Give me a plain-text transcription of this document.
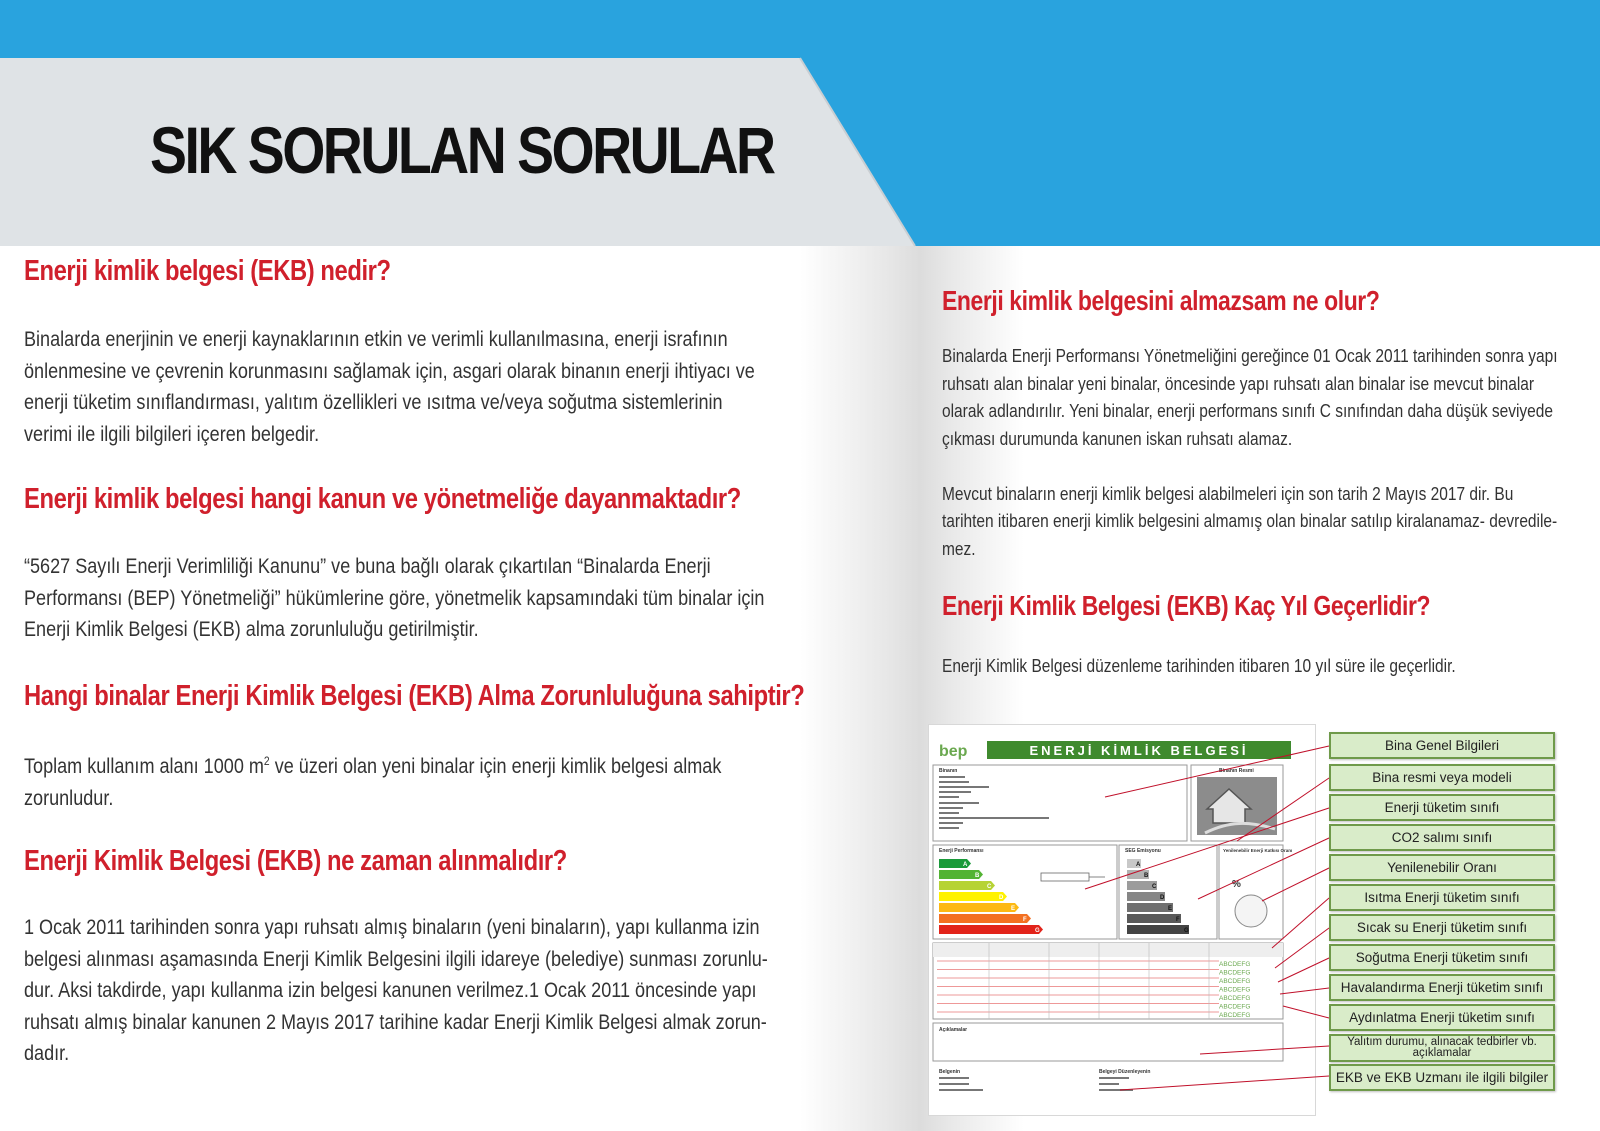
SIK SORULAN SORULAR
Enerji kimlik belgesi (EKB) nedir?
Binalarda enerjinin ve enerji kaynaklarının etkin ve verimli kullanılmasına, enerji israfının
önlenmesine ve çevrenin korunmasını sağlamak için, asgari olarak binanın enerji ihtiyacı ve
enerji tüketim sınıflandırması, yalıtım özellikleri ve ısıtma ve/veya soğutma sistemlerinin
verimi ile ilgili bilgileri içeren belgedir.
Enerji kimlik belgesi hangi kanun ve yönetmeliğe dayanmaktadır?
“5627 Sayılı Enerji Verimliliği Kanunu” ve buna bağlı olarak çıkartılan “Binalarda Enerji
Performansı (BEP) Yönetmeliği” hükümlerine göre, yönetmelik kapsamındaki tüm binalar için
Enerji Kimlik Belgesi (EKB) alma zorunluluğu getirilmiştir.
Hangi binalar Enerji Kimlik Belgesi (EKB) Alma Zorunluluğuna sahiptir?
Toplam kullanım alanı 1000 $m^2$ ve üzeri olan yeni binalar için enerji kimlik belgesi almak
zorunludur.
Enerji Kimlik Belgesi (EKB) ne zaman alınmalıdır?
1 Ocak 2011 tarihinden sonra yapı ruhsatı almış binaların (yeni binaların), yapı kullanma izin
belgesi alınması aşamasında Enerji Kimlik Belgesini ilgili idareye (belediye) sunması zorunlu-
dur. Aksi takdirde, yapı kullanma izin belgesi kanunen verilmez.1 Ocak 2011 öncesinde yapı
ruhsatı almış binalar kanunen 2 Mayıs 2017 tarihine kadar Enerji Kimlik Belgesi almak zorun-
dadır.
Enerji kimlik belgesini almazsam ne olur?
Binalarda Enerji Performansı Yönetmeliğini gereğince 01 Ocak 2011 tarihinden sonra yapı
ruhsatı alan binalar yeni binalar, öncesinde yapı ruhsatı alan binalar ise mevcut binalar
olarak adlandırılır. Yeni binalar, enerji performans sınıfı C sınıfından daha düşük seviyede
çıkması durumunda kanunen iskan ruhsatı alamaz.
Mevcut binaların enerji kimlik belgesi alabilmeleri için son tarih 2 Mayıs 2017 dir. Bu
tarihten itibaren enerji kimlik belgesini almamış olan binalar satılıp kiralanamaz- devredile-
mez.
Enerji Kimlik Belgesi (EKB) Kaç Yıl Geçerlidir?
Enerji Kimlik Belgesi düzenleme tarihinden itibaren 10 yıl süre ile geçerlidir.
bep	ENERJİ KİMLİK BELGESİ
Binanın	Binanın Resmi
Enerji Performansı
A
B
C
D
E
F
G
SEG Emisyonu
A
B
C
D
E
F
G
Yenilenebilir Enerji Katkısı Oranı
%
ABCDEFG
ABCDEFG
ABCDEFG
ABCDEFG
ABCDEFG
ABCDEFG
ABCDEFG
Açıklamalar
Belgenin	Belgeyi Düzenleyenin
Bina Genel Bilgileri
Bina resmi veya modeli
Enerji tüketim sınıfı
CO2 salımı sınıfı
Yenilenebilir Oranı
Isıtma Enerji tüketim sınıfı
Sıcak su Enerji tüketim sınıfı
Soğutma Enerji tüketim sınıfı
Havalandırma Enerji tüketim sınıfı
Aydınlatma Enerji tüketim sınıfı
Yalıtım durumu, alınacak tedbirler vb. açıklamalar
EKB ve EKB Uzmanı ile ilgili bilgiler
